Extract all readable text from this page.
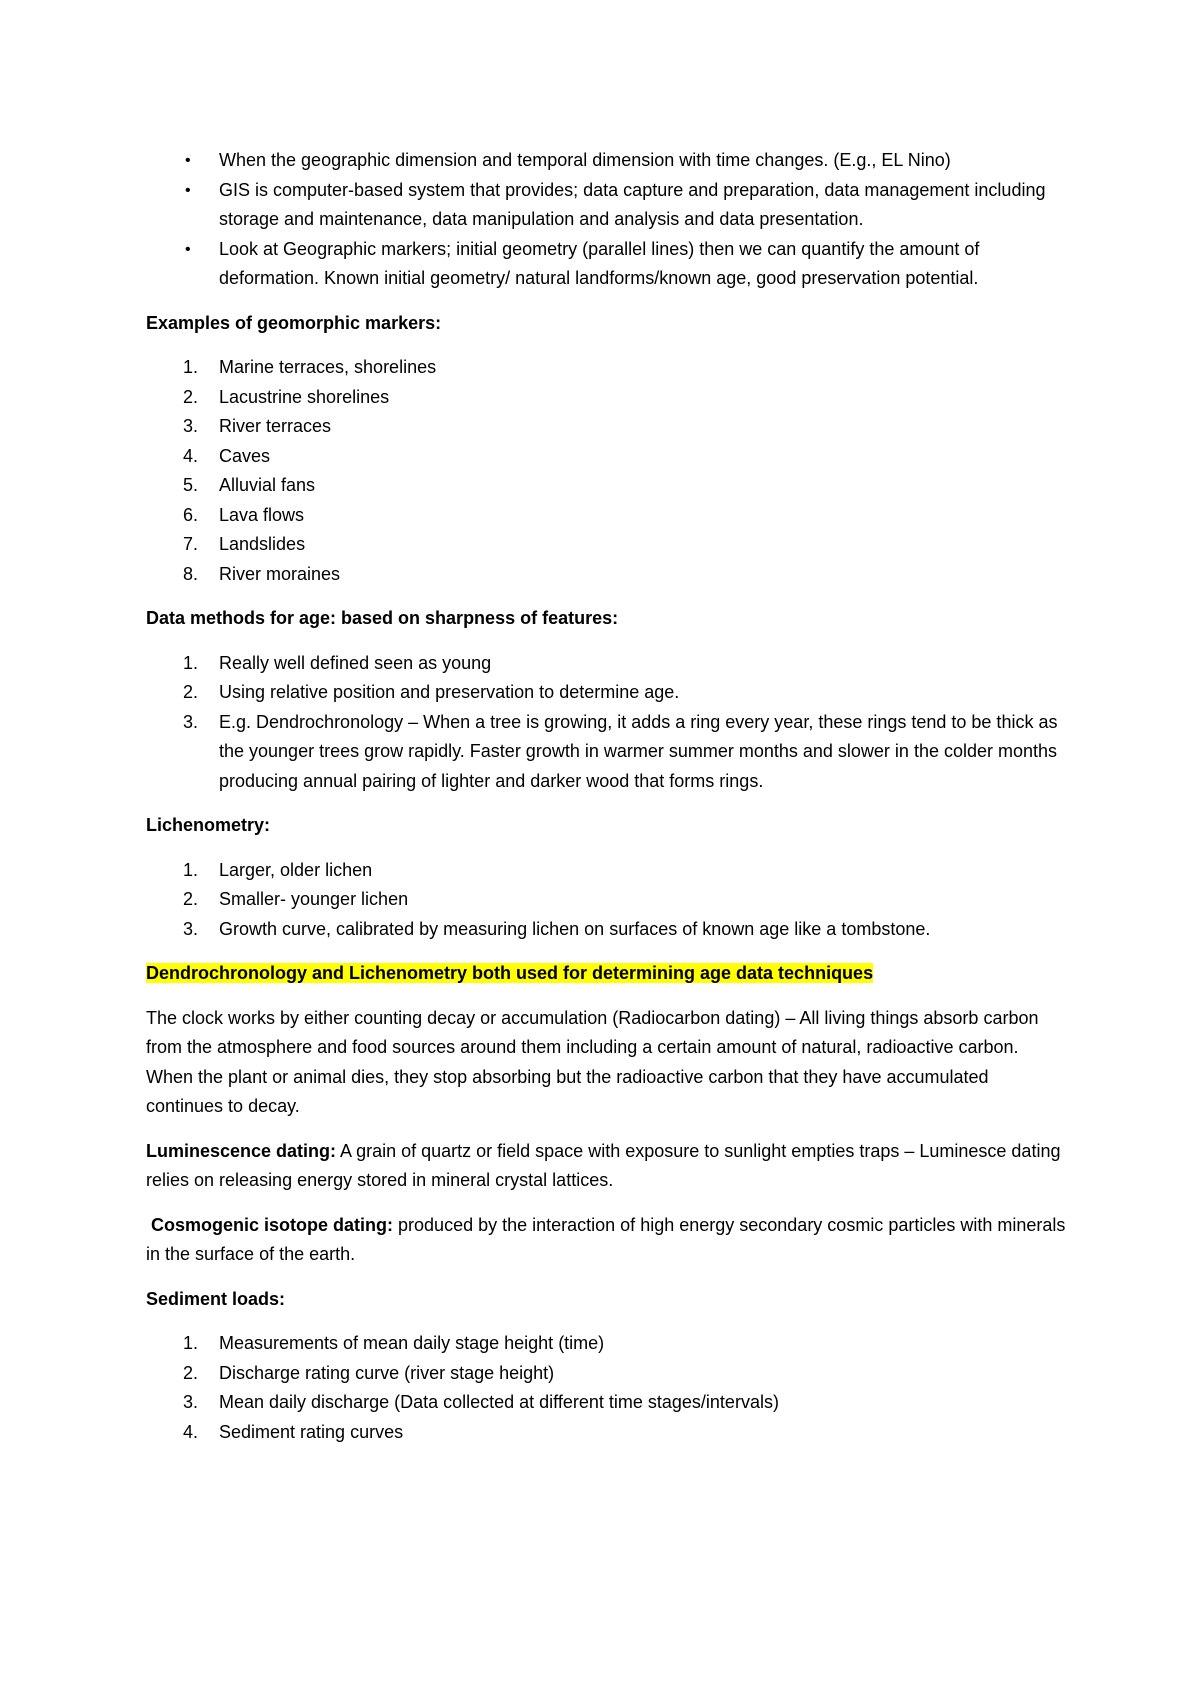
• When the geographic dimension and temporal dimension with time changes. (E.g., EL Nino)
• GIS is computer-based system that provides; data capture and preparation, data management including storage and maintenance, data manipulation and analysis and data presentation.
• Look at Geographic markers; initial geometry (parallel lines) then we can quantify the amount of deformation. Known initial geometry/ natural landforms/known age, good preservation potential.
Examples of geomorphic markers:
1. Marine terraces, shorelines
2. Lacustrine shorelines
3. River terraces
4. Caves
5. Alluvial fans
6. Lava flows
7. Landslides
8. River moraines
Data methods for age: based on sharpness of features:
1. Really well defined seen as young
2. Using relative position and preservation to determine age.
3. E.g. Dendrochronology – When a tree is growing, it adds a ring every year, these rings tend to be thick as the younger trees grow rapidly. Faster growth in warmer summer months and slower in the colder months producing annual pairing of lighter and darker wood that forms rings.
Lichenometry:
1. Larger, older lichen
2. Smaller- younger lichen
3. Growth curve, calibrated by measuring lichen on surfaces of known age like a tombstone.
Dendrochronology and Lichenometry both used for determining age data techniques
The clock works by either counting decay or accumulation (Radiocarbon dating) – All living things absorb carbon from the atmosphere and food sources around them including a certain amount of natural, radioactive carbon. When the plant or animal dies, they stop absorbing but the radioactive carbon that they have accumulated continues to decay.
Luminescence dating: A grain of quartz or field space with exposure to sunlight empties traps – Luminesce dating relies on releasing energy stored in mineral crystal lattices.
Cosmogenic isotope dating: produced by the interaction of high energy secondary cosmic particles with minerals in the surface of the earth.
Sediment loads:
1. Measurements of mean daily stage height (time)
2. Discharge rating curve (river stage height)
3. Mean daily discharge (Data collected at different time stages/intervals)
4. Sediment rating curves
